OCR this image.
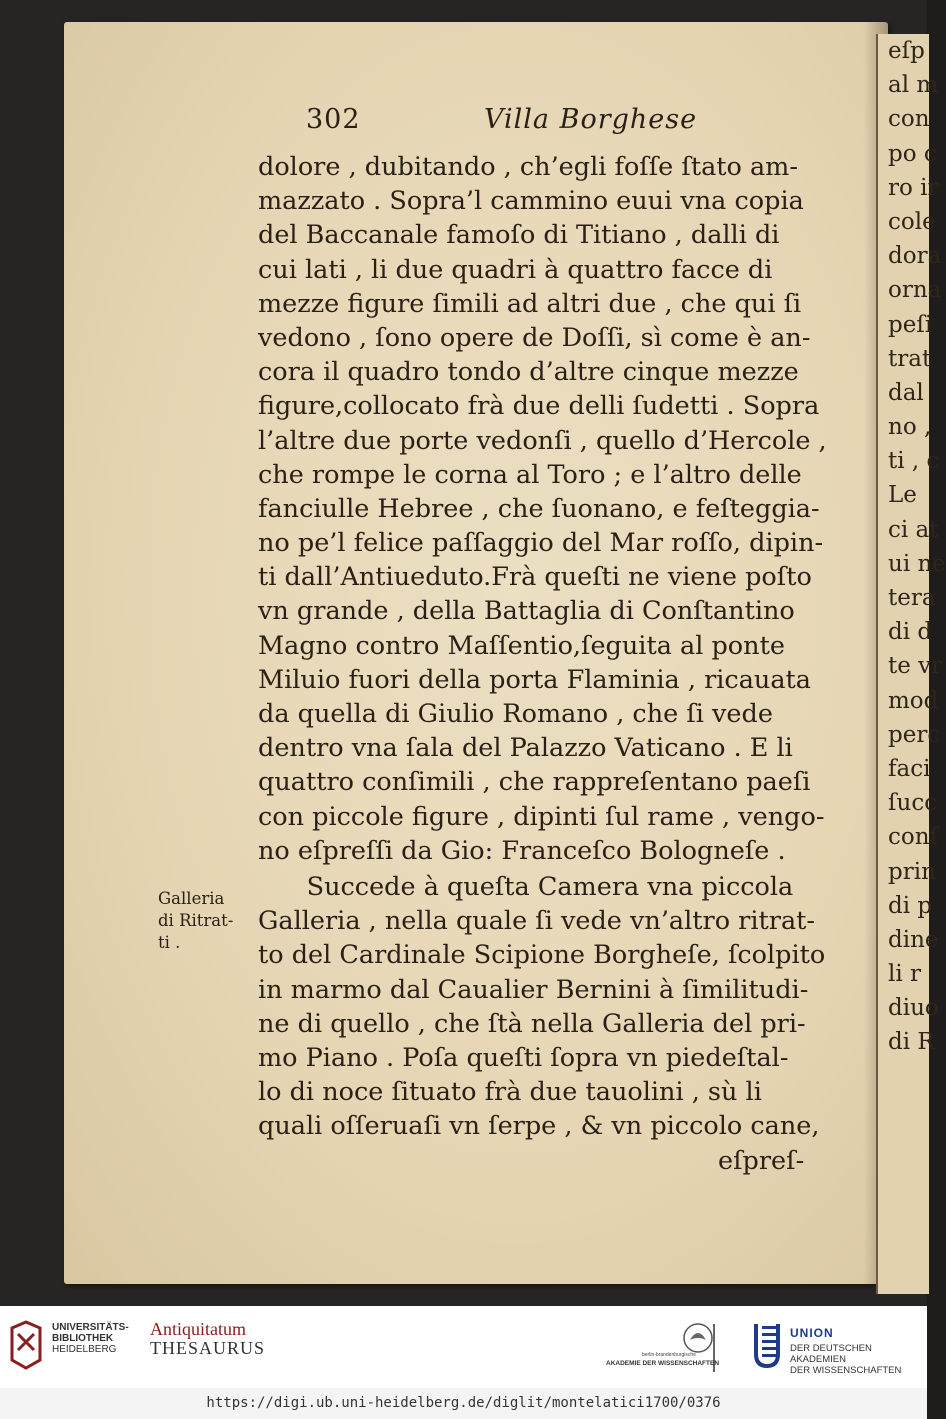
eſp
al m
con
po c
ro ir
cole
dora
orna
peſi
trat
dal
no ,
ti , c
Le
ci at
ui ne
tera
di d
te vr
mod
perc
faci
ſucc
conſ
prin
di p
dine
li r
diuo
di R
302	Villa Borghese
dolore , dubitando , ch’egli foſſe ſtato am-
mazzato . Sopra’l cammino euui vna copia
del Baccanale famoſo di Titiano , dalli di
cui lati , li due quadri à quattro facce di
mezze figure ſimili ad altri due , che qui ſi
vedono , ſono opere de Doſſi, sì come è an-
cora il quadro tondo d’altre cinque mezze
figure,collocato frà due delli ſudetti . Sopra
l’altre due porte vedonſi , quello d’Hercole ,
che rompe le corna al Toro ; e l’altro delle
fanciulle Hebree , che ſuonano, e feſteggia-
no pe’l felice paſſaggio del Mar roſſo, dipin-
ti dall’Antiueduto.Frà queſti ne viene poſto
vn grande , della Battaglia di Conſtantino
Magno contro Maſſentio,ſeguita al ponte
Miluio fuori della porta Flaminia , ricauata
da quella di Giulio Romano , che ſi vede
dentro vna ſala del Palazzo Vaticano . E li
quattro conſimili , che rappreſentano paeſi
con piccole figure , dipinti ſul rame , vengo-
no eſpreſſi da Gio: Franceſco Bologneſe .
Galleria
di Ritrat-
ti .
Succede à queſta Camera vna piccola
Galleria , nella quale ſi vede vn’altro ritrat-
to del Cardinale Scipione Borgheſe, ſcolpito
in marmo dal Caualier Bernini à ſimilitudi-
ne di quello , che ſtà nella Galleria del pri-
mo Piano . Poſa queſti ſopra vn piedeſtal-
lo di noce ſituato frà due tauolini , sù li
quali oſſeruaſi vn ſerpe , & vn piccolo cane,
eſpreſ-
UNIVERSITÄTS-
BIBLIOTHEK
HEIDELBERG
Antiquitatum
THESAURUS	berlin-brandenburgische
AKADEMIE DER WISSENSCHAFTEN
UNION
DER DEUTSCHEN AKADEMIEN
DER WISSENSCHAFTEN
https://digi.ub.uni-heidelberg.de/diglit/montelatici1700/0376
